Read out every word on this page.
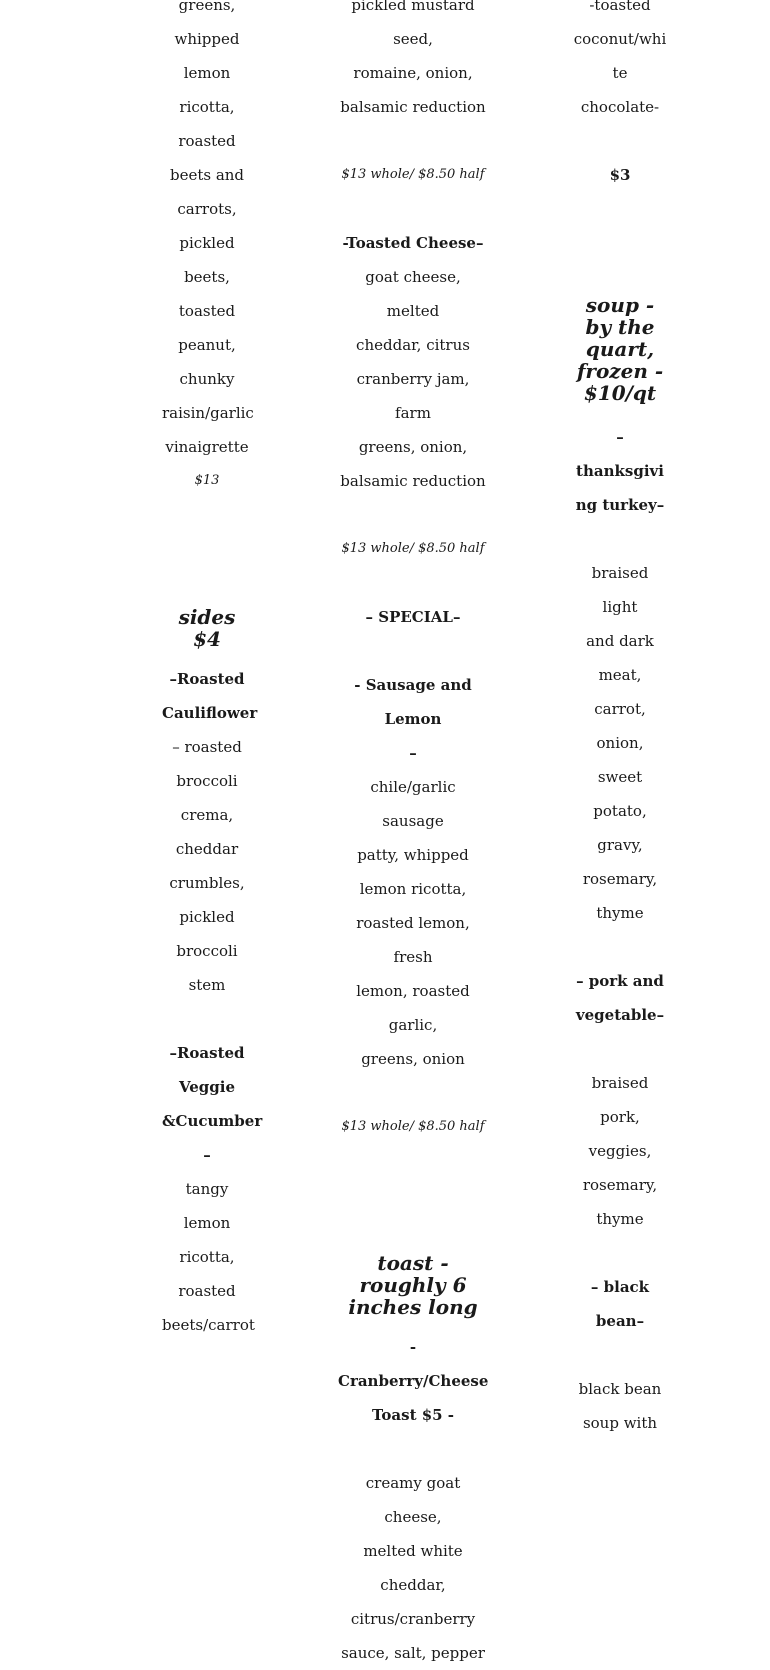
greens,

whipped

lemon

ricotta,

roasted

beets and

carrots,

pickled

beets,

toasted

peanut,

chunky

raisin/garlic

vinaigrette

$13

sides $4

–Roasted

Cauliflower

– roasted

broccoli

crema,

cheddar

crumbles,

pickled

broccoli

stem

–Roasted

Veggie

&Cucumber

–

tangy

lemon

ricotta,

roasted

beets/carrot

pickled mustard seed,

romaine, onion,

balsamic reduction

$13 whole/ $8.50 half

-Toasted Cheese–

goat cheese, melted

cheddar, citrus

cranberry jam, farm

greens, onion,

balsamic reduction

$13 whole/ $8.50 half

– SPECIAL–

- Sausage and Lemon

–

chile/garlic sausage

patty, whipped

lemon ricotta,

roasted lemon, fresh

lemon, roasted garlic,

greens, onion

$13 whole/ $8.50 half

toast - roughly 6 inches long

- Cranberry/Cheese

Toast $5 -

creamy goat cheese,

melted white

cheddar,

citrus/cranberry

sauce, salt, pepper

-toasted

coconut/whi

te

chocolate-

$3

soup - by the quart, frozen - $10/qt

– thanksgivi

ng turkey–

braised light

and dark

meat, carrot,

onion,

sweet

potato,

gravy,

rosemary,

thyme

– pork and

vegetable–

braised

pork,

veggies,

rosemary,

thyme

– black

bean–

black bean

soup with
